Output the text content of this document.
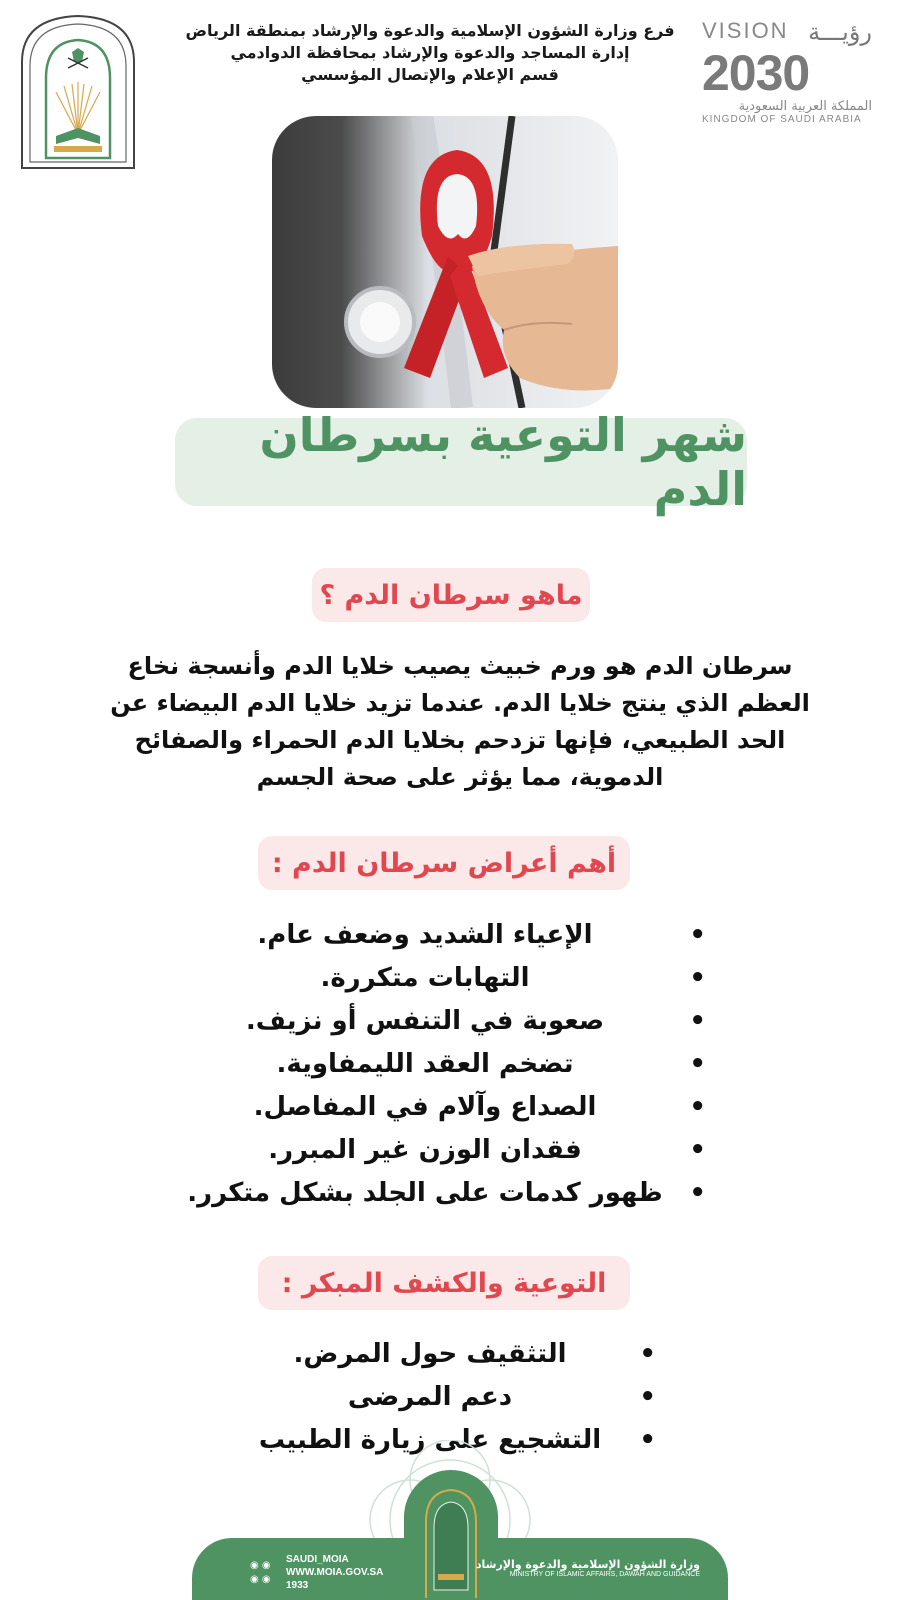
فرع وزارة الشؤون الإسلامية والدعوة والإرشاد بمنطقة الرياض
إدارة المساجد والدعوة والإرشاد بمحافظة الدوادمي
قسم الإعلام والإتصال المؤسسي
VISION رؤيـــة
2030
المملكة العربية السعودية
KINGDOM OF SAUDI ARABIA
شهر التوعية بسرطان الدم
ماهو سرطان الدم ؟
سرطان الدم هو ورم خبيث يصيب خلايا الدم وأنسجة نخاع العظم الذي ينتج خلايا الدم. عندما تزيد خلايا الدم البيضاء عن الحد الطبيعي، فإنها تزدحم بخلايا الدم الحمراء والصفائح الدموية، مما يؤثر على صحة الجسم
أهم أعراض سرطان الدم :
•
الإعياء الشديد وضعف عام.
•
التهابات متكررة.
•
صعوبة في التنفس أو نزيف.
•
تضخم العقد الليمفاوية.
•
الصداع وآلام في المفاصل.
•
فقدان الوزن غير المبرر.
•
ظهور كدمات على الجلد بشكل متكرر.
التوعية والكشف المبكر :
•
التثقيف حول المرض.
•
دعم المرضى
•
التشجيع على زيارة الطبيب
◉ ◉
◉ ◉
SAUDI_MOIA
WWW.MOIA.GOV.SA
1933
وزارة الشؤون الإسلامية والدعوة والإرشاد
MINISTRY OF ISLAMIC AFFAIRS, DAWAH AND GUIDANCE
